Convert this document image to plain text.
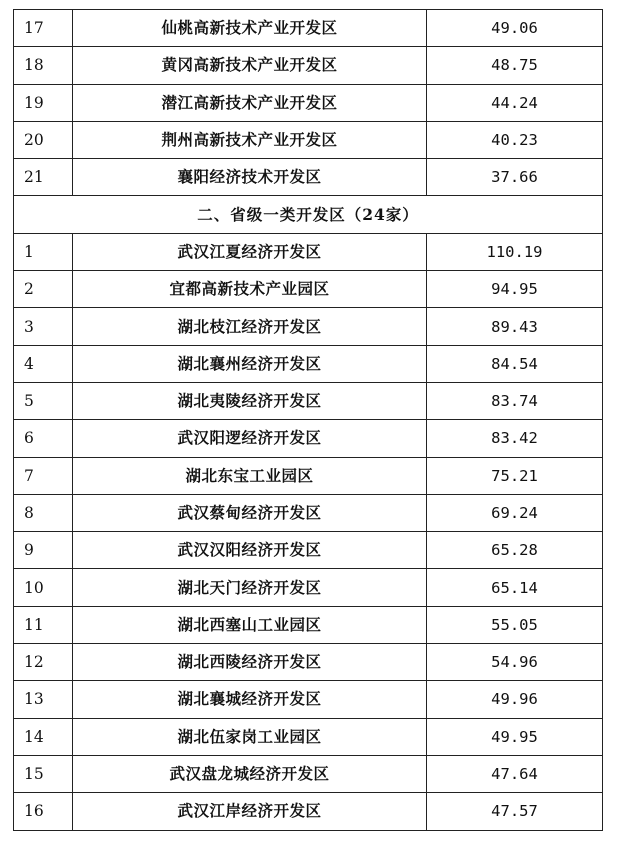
17	仙桃高新技术产业开发区	49.06
18	黄冈高新技术产业开发区	48.75
19	潜江高新技术产业开发区	44.24
20	荆州高新技术产业开发区	40.23
21	襄阳经济技术开发区	37.66
二、省级一类开发区（24家）		
1	武汉江夏经济开发区	110.19
2	宜都高新技术产业园区	94.95
3	湖北枝江经济开发区	89.43
4	湖北襄州经济开发区	84.54
5	湖北夷陵经济开发区	83.74
6	武汉阳逻经济开发区	83.42
7	湖北东宝工业园区	75.21
8	武汉蔡甸经济开发区	69.24
9	武汉汉阳经济开发区	65.28
10	湖北天门经济开发区	65.14
11	湖北西塞山工业园区	55.05
12	湖北西陵经济开发区	54.96
13	湖北襄城经济开发区	49.96
14	湖北伍家岗工业园区	49.95
15	武汉盘龙城经济开发区	47.64
16	武汉江岸经济开发区	47.57
